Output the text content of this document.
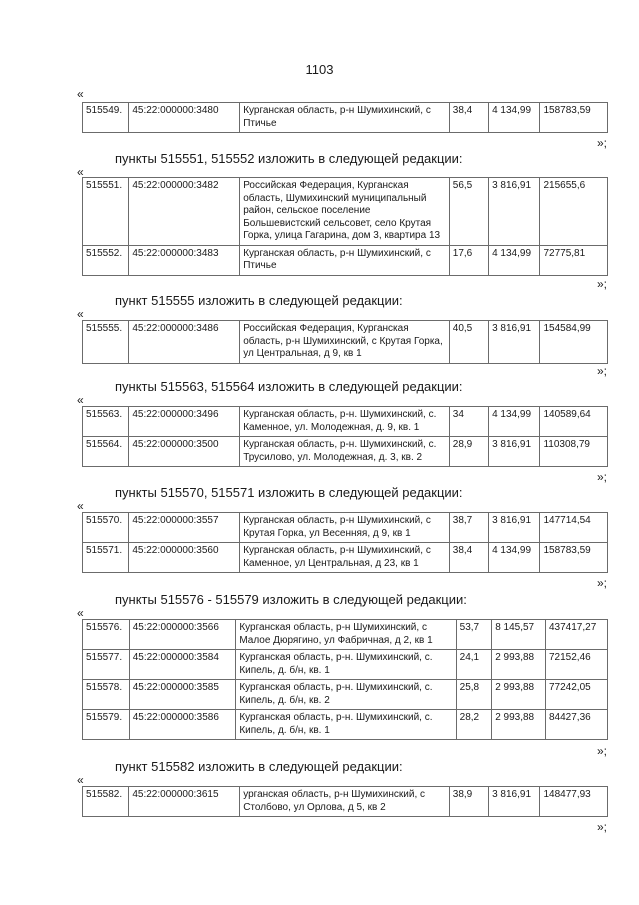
1103
«
515549.	45:22:000000:3480	Курганская область, р-н Шумихинский, с Птичье	38,4	4 134,99	158783,59
»;
пункты 515551, 515552 изложить в следующей редакции:
«
515551.	45:22:000000:3482	Российская Федерация, Курганская область, Шумихинский муниципальный район, сельское поселение Большевистский сельсовет, село Крутая Горка, улица Гагарина, дом 3, квартира 13	56,5	3 816,91	215655,6
515552.	45:22:000000:3483	Курганская область, р-н Шумихинский, с Птичье	17,6	4 134,99	72775,81
»;
пункт 515555 изложить в следующей редакции:
«
515555.	45:22:000000:3486	Российская Федерация, Курганская область, р-н Шумихинский, с Крутая Горка, ул Центральная, д 9, кв 1	40,5	3 816,91	154584,99
»;
пункты 515563, 515564 изложить в следующей редакции:
«
515563.	45:22:000000:3496	Курганская область, р-н. Шумихинский, с. Каменное, ул. Молодежная, д. 9, кв. 1	34	4 134,99	140589,64
515564.	45:22:000000:3500	Курганская область, р-н. Шумихинский, с. Трусилово, ул. Молодежная, д. 3, кв. 2	28,9	3 816,91	110308,79
»;
пункты 515570, 515571 изложить в следующей редакции:
«
515570.	45:22:000000:3557	Курганская область, р-н Шумихинский, с Крутая Горка, ул Весенняя, д 9, кв 1	38,7	3 816,91	147714,54
515571.	45:22:000000:3560	Курганская область, р-н Шумихинский, с Каменное, ул Центральная, д 23, кв 1	38,4	4 134,99	158783,59
»;
пункты 515576 - 515579 изложить в следующей редакции:
«
515576.	45:22:000000:3566	Курганская область, р-н Шумихинский, с Малое Дюрягино, ул Фабричная, д 2, кв 1	53,7	8 145,57	437417,27
515577.	45:22:000000:3584	Курганская область, р-н. Шумихинский, с. Кипель, д. б/н, кв. 1	24,1	2 993,88	72152,46
515578.	45:22:000000:3585	Курганская область, р-н. Шумихинский, с. Кипель, д. б/н, кв. 2	25,8	2 993,88	77242,05
515579.	45:22:000000:3586	Курганская область, р-н. Шумихинский, с. Кипель, д. б/н, кв. 1	28,2	2 993,88	84427,36
»;
пункт 515582 изложить в следующей редакции:
«
515582.	45:22:000000:3615	урганская область, р-н Шумихинский, с Столбово, ул Орлова, д 5, кв 2	38,9	3 816,91	148477,93
»;
